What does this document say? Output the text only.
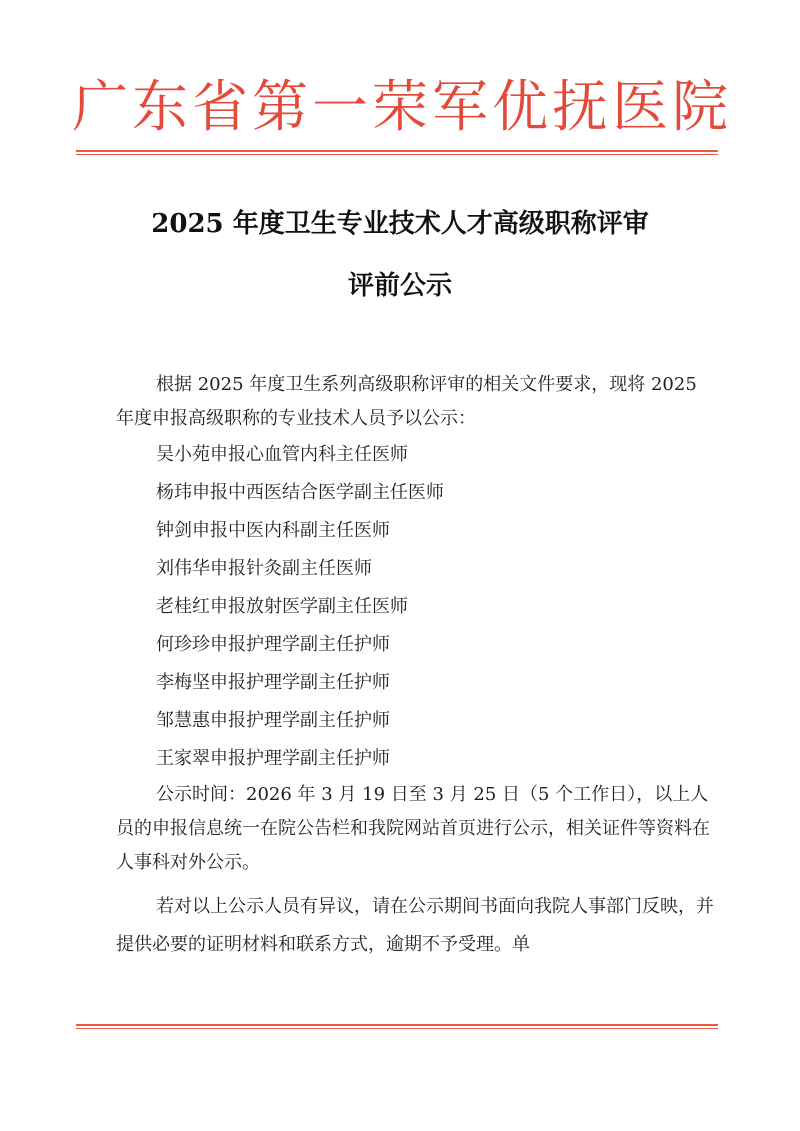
广东省第一荣军优抚医院
2025 年度卫生专业技术人才高级职称评审
评前公示

根据 2025 年度卫生系列高级职称评审的相关文件要求，现将 2025 年度申报高级职称的专业技术人员予以公示：

吴小苑申报心血管内科主任医师
杨玮申报中西医结合医学副主任医师
钟剑申报中医内科副主任医师
刘伟华申报针灸副主任医师
老桂红申报放射医学副主任医师
何珍珍申报护理学副主任护师
李梅坚申报护理学副主任护师
邹慧惠申报护理学副主任护师
王家翠申报护理学副主任护师

公示时间：2026 年 3 月 19 日至 3 月 25 日（5 个工作日），以上人员的申报信息统一在院公告栏和我院网站首页进行公示，相关证件等资料在人事科对外公示。

若对以上公示人员有异议，请在公示期间书面向我院人事部门反映，并提供必要的证明材料和联系方式，逾期不予受理。单
